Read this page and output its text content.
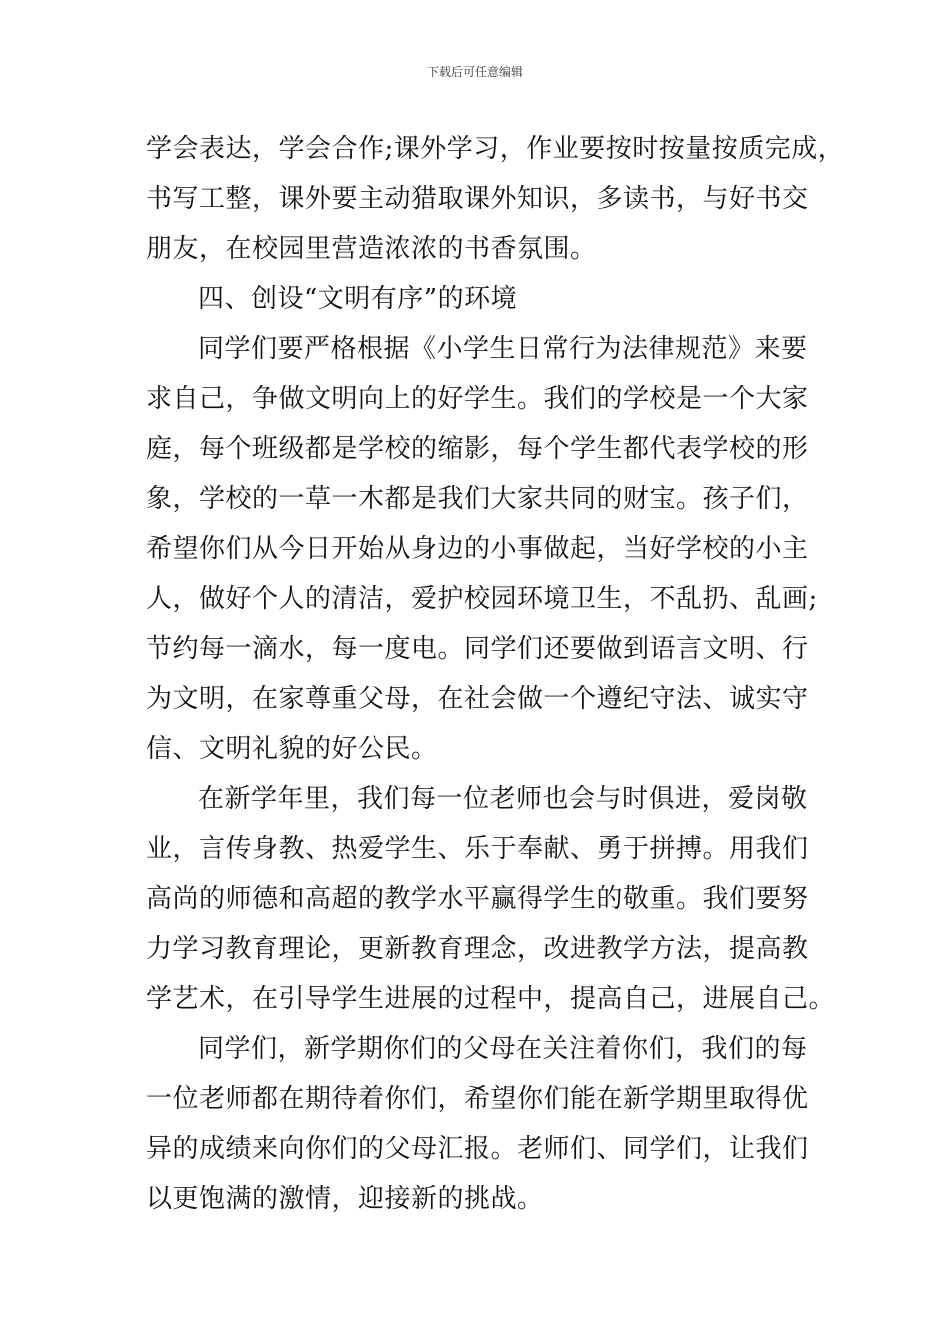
下载后可任意编辑
学会表达，学会合作;课外学习，作业要按时按量按质完成，
书写工整，课外要主动猎取课外知识，多读书，与好书交
朋友，在校园里营造浓浓的书香氛围。
四、创设“文明有序”的环境
同学们要严格根据《小学生日常行为法律规范》来要
求自己，争做文明向上的好学生。我们的学校是一个大家
庭，每个班级都是学校的缩影，每个学生都代表学校的形
象，学校的一草一木都是我们大家共同的财宝。孩子们，
希望你们从今日开始从身边的小事做起，当好学校的小主
人，做好个人的清洁，爱护校园环境卫生，不乱扔、乱画;
节约每一滴水，每一度电。同学们还要做到语言文明、行
为文明，在家尊重父母，在社会做一个遵纪守法、诚实守
信、文明礼貌的好公民。
在新学年里，我们每一位老师也会与时俱进，爱岗敬
业，言传身教、热爱学生、乐于奉献、勇于拼搏。用我们
高尚的师德和高超的教学水平赢得学生的敬重。我们要努
力学习教育理论，更新教育理念，改进教学方法，提高教
学艺术，在引导学生进展的过程中，提高自己，进展自己。
同学们，新学期你们的父母在关注着你们，我们的每
一位老师都在期待着你们，希望你们能在新学期里取得优
异的成绩来向你们的父母汇报。老师们、同学们，让我们
以更饱满的激情，迎接新的挑战。
